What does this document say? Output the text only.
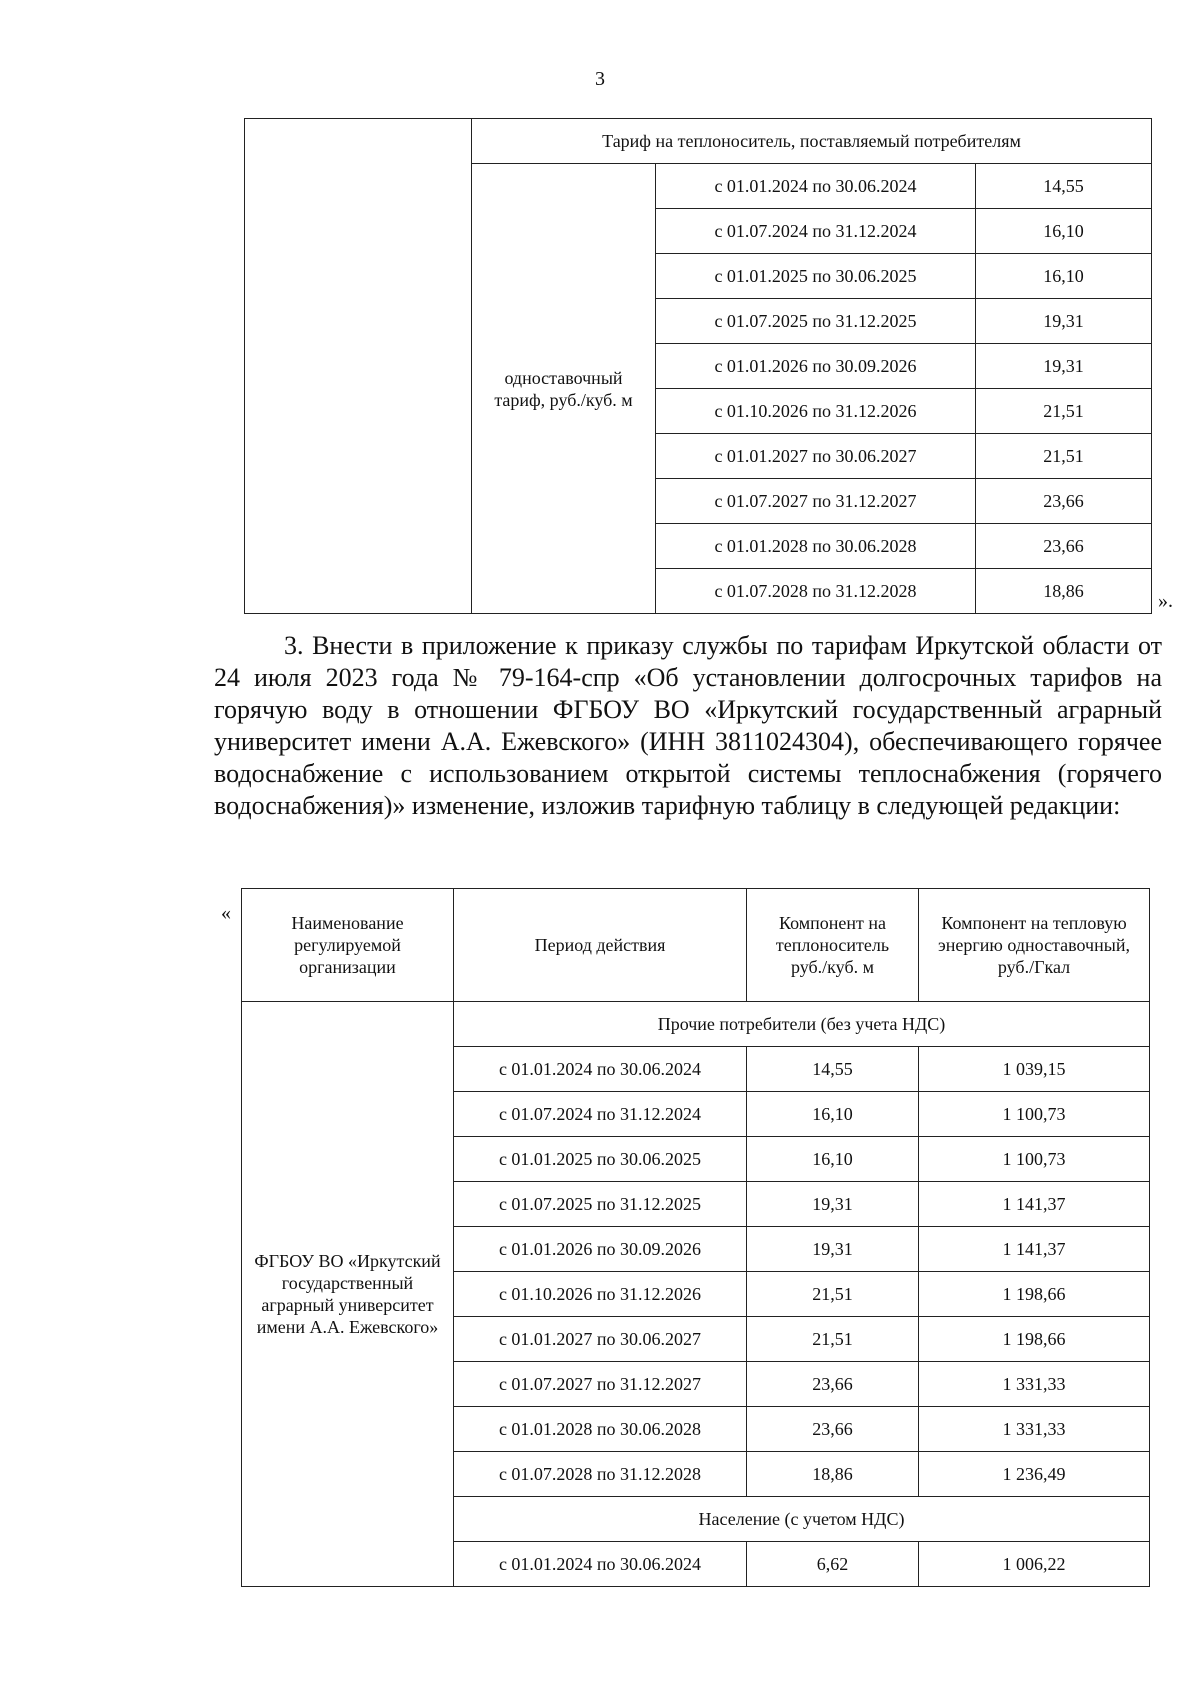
3
	Тариф на теплоноситель, поставляемый потребителям		
	одноставочный тариф, руб./куб. м	с 01.01.2024 по 30.06.2024	14,55
		с 01.07.2024 по 31.12.2024	16,10
		с 01.01.2025 по 30.06.2025	16,10
		с 01.07.2025 по 31.12.2025	19,31
		с 01.01.2026 по 30.09.2026	19,31
		с 01.10.2026 по 31.12.2026	21,51
		с 01.01.2027 по 30.06.2027	21,51
		с 01.07.2027 по 31.12.2027	23,66
		с 01.01.2028 по 30.06.2028	23,66
		с 01.07.2028 по 31.12.2028	18,86	».

3. Внести в приложение к приказу службы по тарифам Иркутской области от 24 июля 2023 года № 79-164-спр «Об установлении долгосрочных тарифов на горячую воду в отношении ФГБОУ ВО «Иркутский государственный аграрный университет имени А.А. Ежевского» (ИНН 3811024304), обеспечивающего горячее водоснабжение с использованием открытой системы теплоснабжения (горячего водоснабжения)» изменение, изложив тарифную таблицу в следующей редакции:

«	Наименование регулируемой организации	Период действия	Компонент на теплоноситель руб./куб. м	Компонент на тепловую энергию одноставочный, руб./Гкал
ФГБОУ ВО «Иркутский государственный аграрный университет имени А.А. Ежевского»	Прочие потребители (без учета НДС)		
	с 01.01.2024 по 30.06.2024	14,55	1 039,15
	с 01.07.2024 по 31.12.2024	16,10	1 100,73
	с 01.01.2025 по 30.06.2025	16,10	1 100,73
	с 01.07.2025 по 31.12.2025	19,31	1 141,37
	с 01.01.2026 по 30.09.2026	19,31	1 141,37
	с 01.10.2026 по 31.12.2026	21,51	1 198,66
	с 01.01.2027 по 30.06.2027	21,51	1 198,66
	с 01.07.2027 по 31.12.2027	23,66	1 331,33
	с 01.01.2028 по 30.06.2028	23,66	1 331,33
	с 01.07.2028 по 31.12.2028	18,86	1 236,49
	Население (с учетом НДС)		
	с 01.01.2024 по 30.06.2024	6,62	1 006,22
